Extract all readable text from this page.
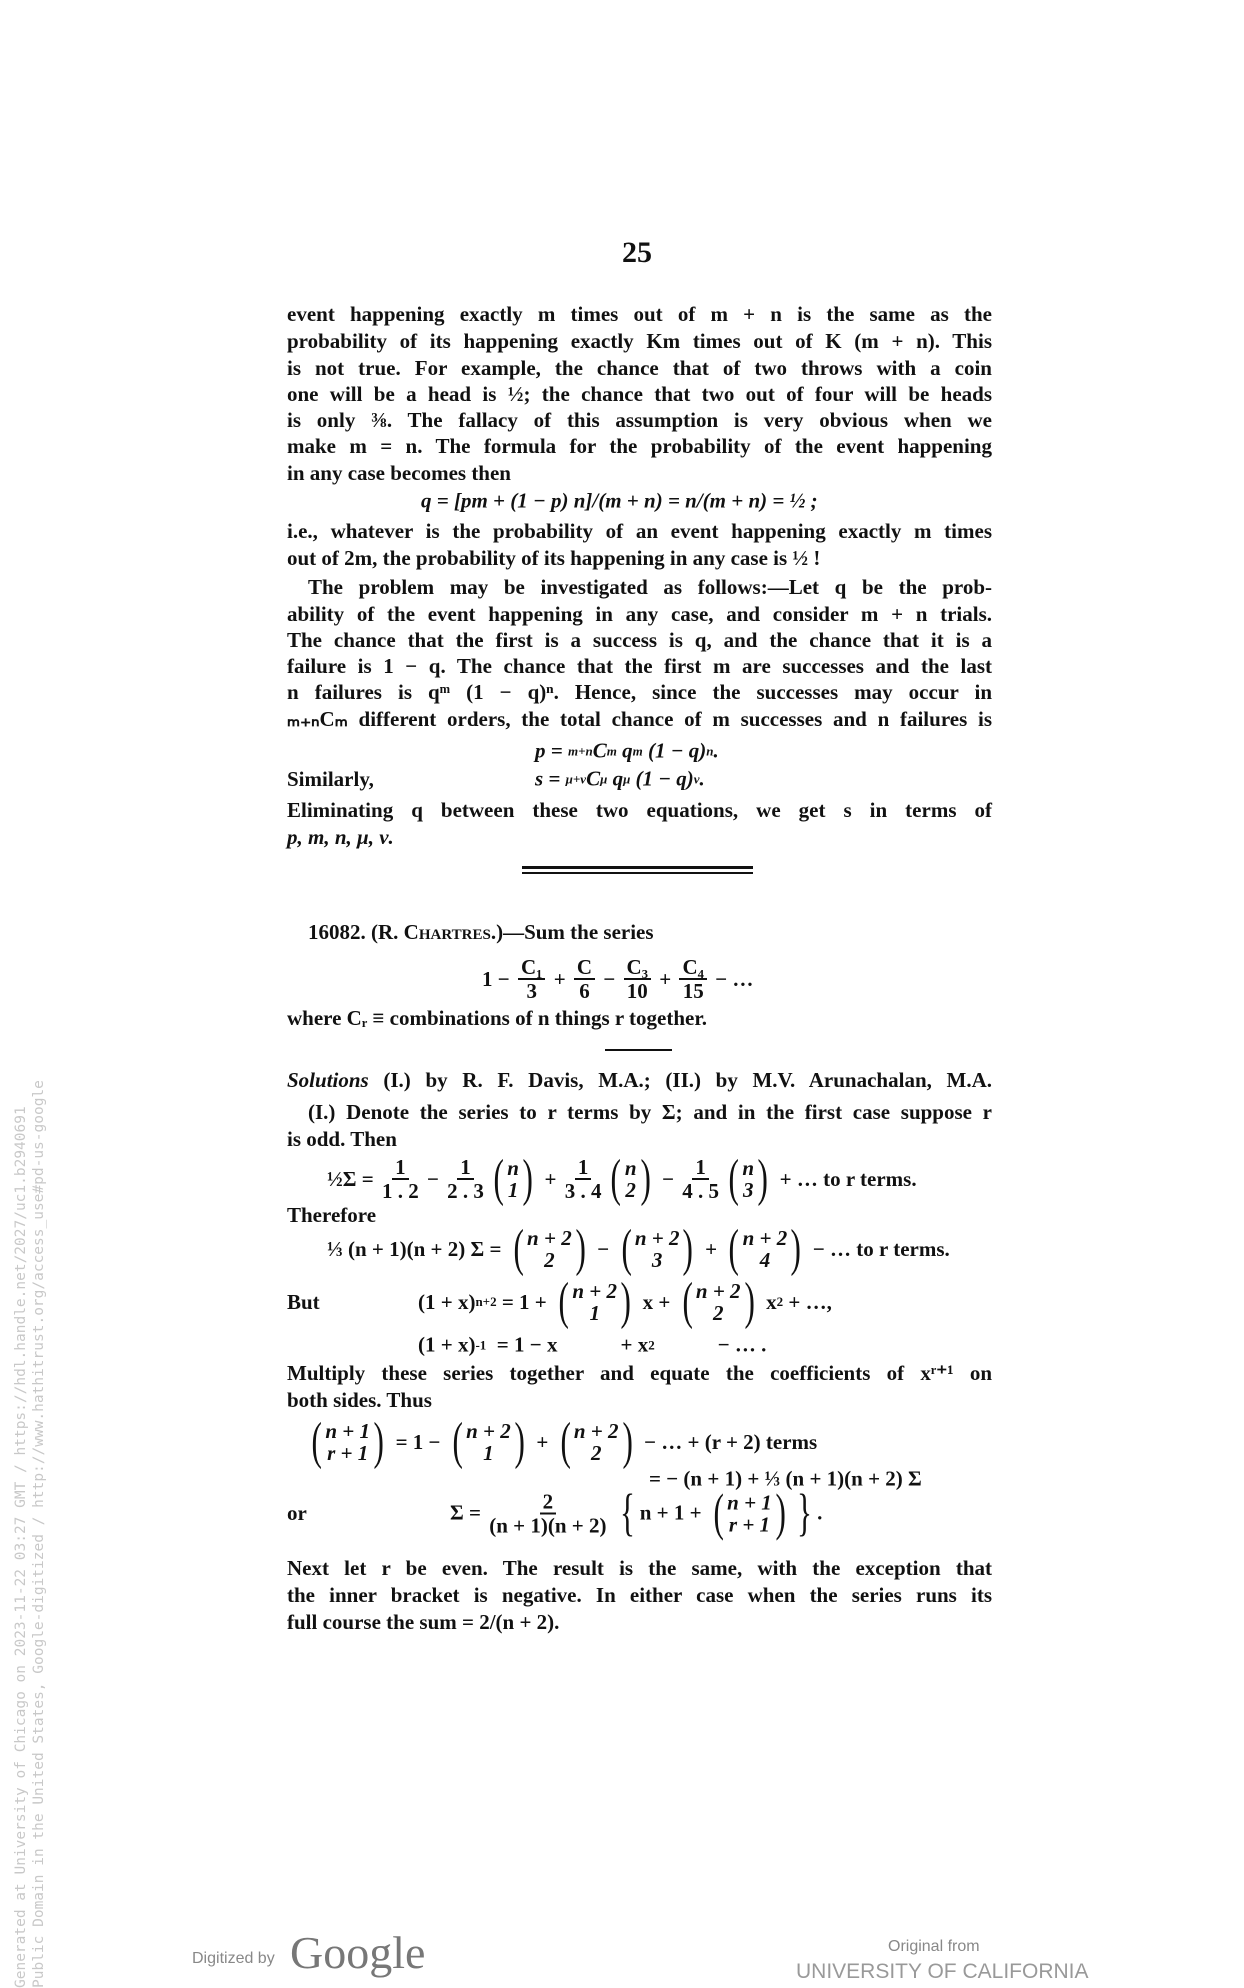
25
event happening exactly m times out of m + n is the same as the
probability of its happening exactly Km times out of K (m + n). This
is not true. For example, the chance that of two throws with a coin
one will be a head is ½; the chance that two out of four will be heads
is only ⅜. The fallacy of this assumption is very obvious when we
make m = n. The formula for the probability of the event happening
in any case becomes then
q = [pm + (1 − p) n]/(m + n) = n/(m + n) = ½ ;
i.e., whatever is the probability of an event happening exactly m times
out of 2m, the probability of its happening in any case is ½ !
The problem may be investigated as follows:—Let q be the prob-
ability of the event happening in any case, and consider m + n trials.
The chance that the first is a success is q, and the chance that it is a
failure is 1 − q. The chance that the first m are successes and the last
n failures is qᵐ (1 − q)ⁿ. Hence, since the successes may occur in
ₘ₊ₙCₘ different orders, the total chance of m successes and n failures is
p = m+n C m q m (1 − q) n .
Similarly,	s = μ+ν C μ q μ (1 − q) ν .
Eliminating q between these two equations, we get s in terms of
p, m, n, μ, ν.
16082. (R. Chartres.)—Sum the series
$1 - \frac{\text{C₁}}{3} + \frac{C}{6} - \frac{\text{C₃}}{10} + \frac{\text{C₄}}{15}$ − …
where Cᵣ ≡ combinations of n things r together.
Solutions (I.) by R. F. Davis, M.A.; (II.) by M.V. Arunachalan, M.A.
(I.) Denote the series to r terms by Σ; and in the first case suppose r
is odd. Then
½Σ = $\frac{1}{1 . 2} - \frac{1}{2 . 3}$ ( n
1 ) + $\frac{1}{3 . 4}$ ( n
2 ) − $\frac{1}{4 . 5}$ ( n
3 ) + … to r terms.
Therefore
⅓ (n + 1)(n + 2) Σ = ( n + 2
2 ) − ( n + 2
3 ) + ( n + 2
4 ) − … to r terms.
But	(1 + x) n+2 = 1 + ( n + 2
1 ) x + ( n + 2
2 ) x 2 + …,
(1 + x) -1 = 1 − x            + x 2 − … .
Multiply these series together and equate the coefficients of xʳ⁺¹ on
both sides. Thus
( n + 1
r + 1 ) = 1 − ( n + 2
1 ) + ( n + 2
2 ) − … + (r + 2) terms
= − (n + 1) + ⅓ (n + 1)(n + 2) Σ
or	$\Sigma = \frac{2}{(n + 1)(n + 2)}$
{ n + 1 + ( n + 1
r + 1 ) } .
Next let r be even. The result is the same, with the exception that
the inner bracket is negative. In either case when the series runs its
full course the sum = 2/(n + 2).
Generated at University of Chicago on 2023-11-22 03:27 GMT / https://hdl.handle.net/2027/uc1.b2940691 Public Domain in the United States, Google-digitized / http://www.hathitrust.org/access_use#pd-us-google	Digitized by Google	Original from
UNIVERSITY OF CALIFORNIA
